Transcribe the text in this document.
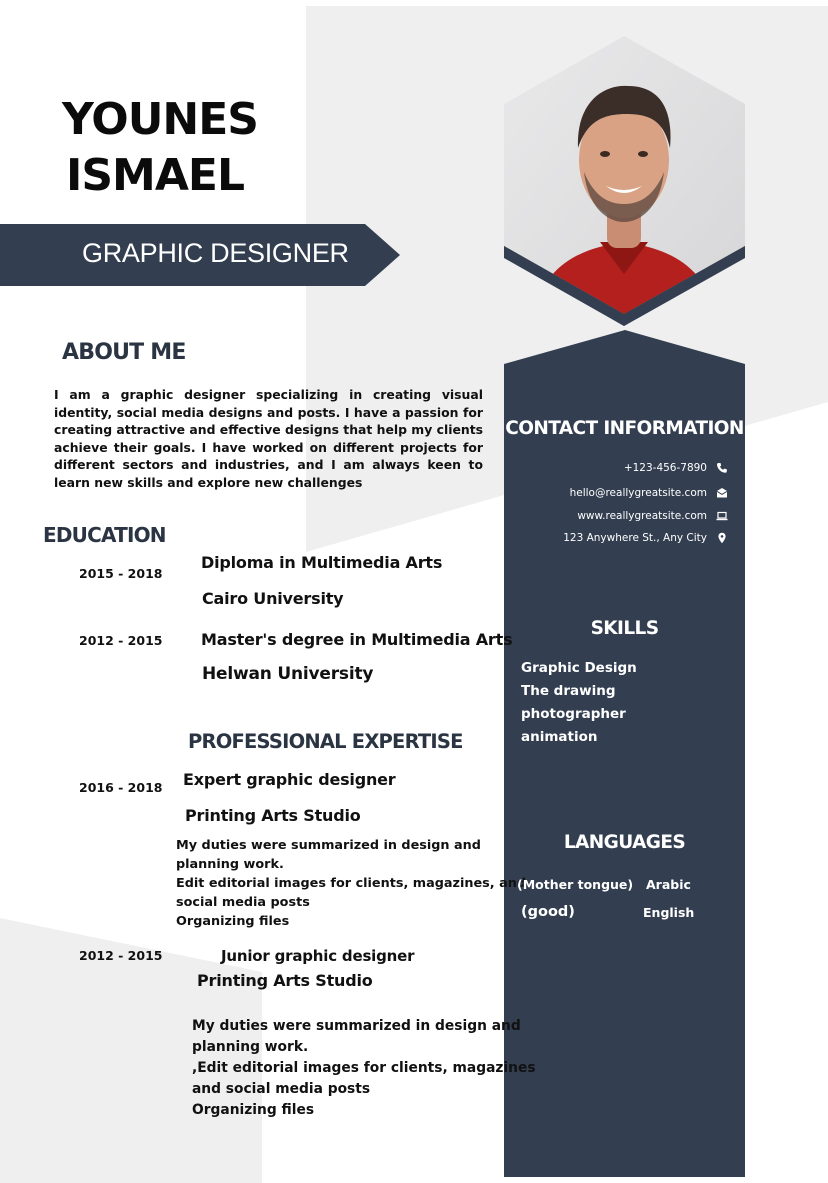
YOUNES
ISMAEL
GRAPHIC DESIGNER
ABOUT ME
I am a graphic designer specializing in creating visual identity, social media designs and posts. I have a passion for creating attractive and effective designs that help my clients achieve their goals. I have worked on different projects for different sectors and industries, and I am always keen to learn new skills and explore new challenges
EDUCATION
2015 - 2018
Diploma in Multimedia Arts
Cairo University
2012 - 2015 Master's degree in Multimedia Arts
Helwan University
PROFESSIONAL EXPERTISE
2016 - 2018 Expert graphic designer
Printing Arts Studio
My duties were summarized in design and
planning work.
Edit editorial images for clients, magazines, and
social media posts
Organizing files
2012 - 2015	Junior graphic designer
Printing Arts Studio
My duties were summarized in design and
planning work.
,Edit editorial images for clients, magazines
and social media posts
Organizing files
CONTACT INFORMATION
+123-456-7890
hello@reallygreatsite.com
www.reallygreatsite.com
123 Anywhere St., Any City
SKILLS
Graphic Design
The drawing
photographer
animation
LANGUAGES
(Mother tongue) Arabic
(good)	English
